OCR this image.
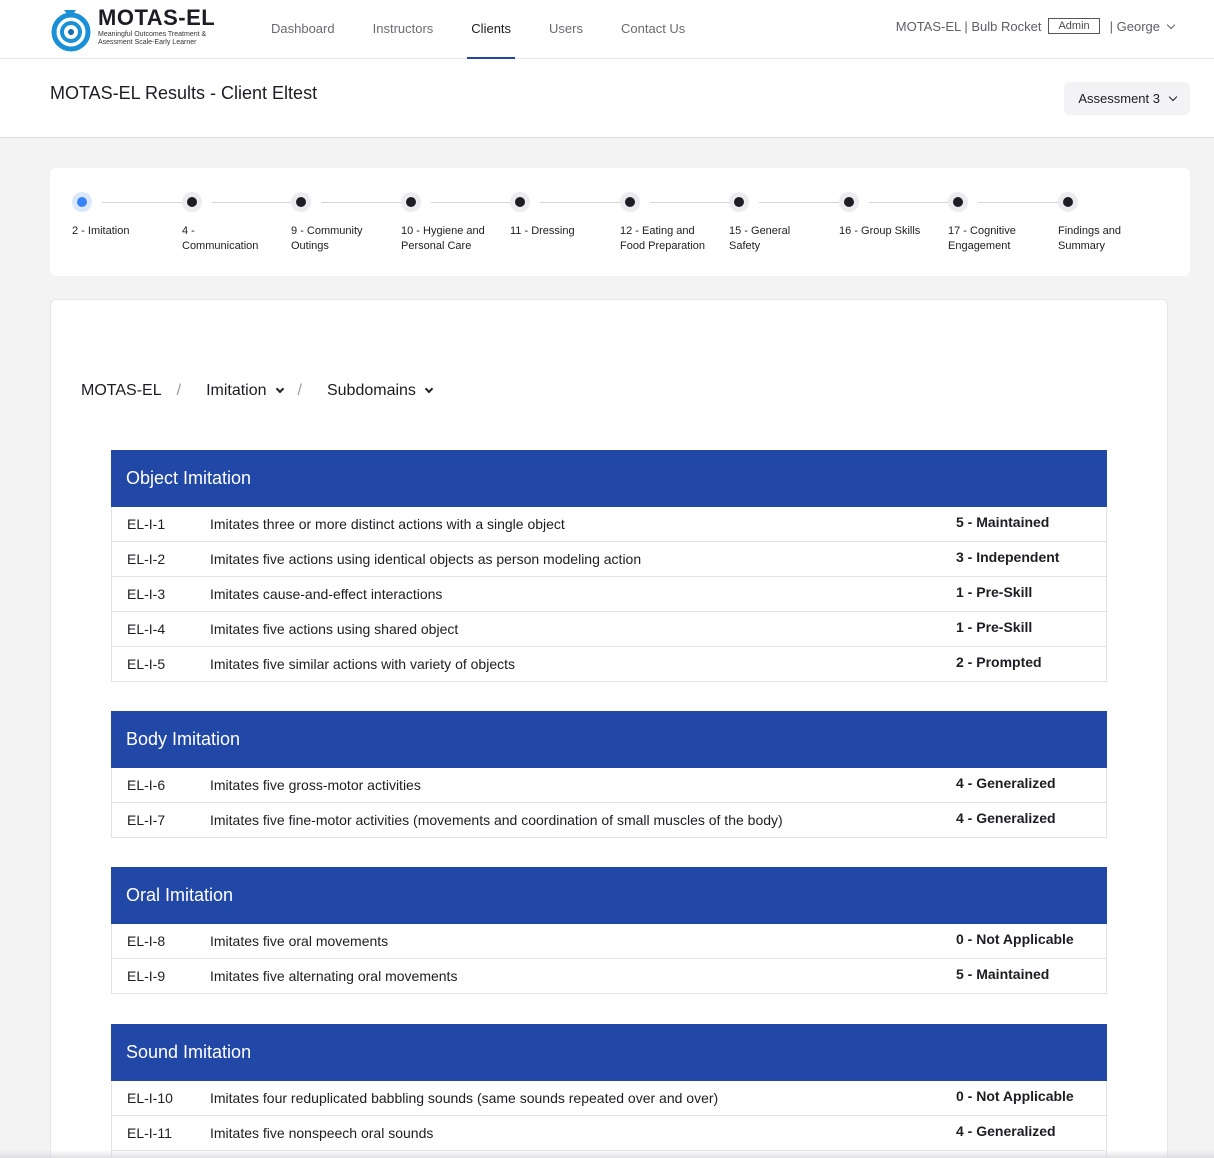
MOTAS-EL
Meaningful Outcomes Treatment & Asessment Scale-Early Learner
Dashboard	Instructors	Clients	Users	Contact Us	MOTAS-EL | Bulb Rocket	Admin	| George
MOTAS-EL Results - Client Eltest	Assessment 3
2 - Imitation	4 - Communication
9 - Community Outings
10 - Hygiene and Personal Care
11 - Dressing	12 - Eating and Food Preparation
15 - General Safety
16 - Group Skills	17 - Cognitive Engagement
Findings and Summary
MOTAS-EL / Imitation	/ Subdomains
Object Imitation
EL-I-1	Imitates three or more distinct actions with a single object	5 - Maintained
EL-I-2	Imitates five actions using identical objects as person modeling action	3 - Independent
EL-I-3	Imitates cause-and-effect interactions	1 - Pre-Skill
EL-I-4	Imitates five actions using shared object	1 - Pre-Skill
EL-I-5	Imitates five similar actions with variety of objects	2 - Prompted
Body Imitation
EL-I-6	Imitates five gross-motor activities	4 - Generalized
EL-I-7	Imitates five fine-motor activities (movements and coordination of small muscles of the body)	4 - Generalized
Oral Imitation
EL-I-8	Imitates five oral movements	0 - Not Applicable
EL-I-9	Imitates five alternating oral movements	5 - Maintained
Sound Imitation
EL-I-10	Imitates four reduplicated babbling sounds (same sounds repeated over and over)	0 - Not Applicable
EL-I-11	Imitates five nonspeech oral sounds	4 - Generalized
